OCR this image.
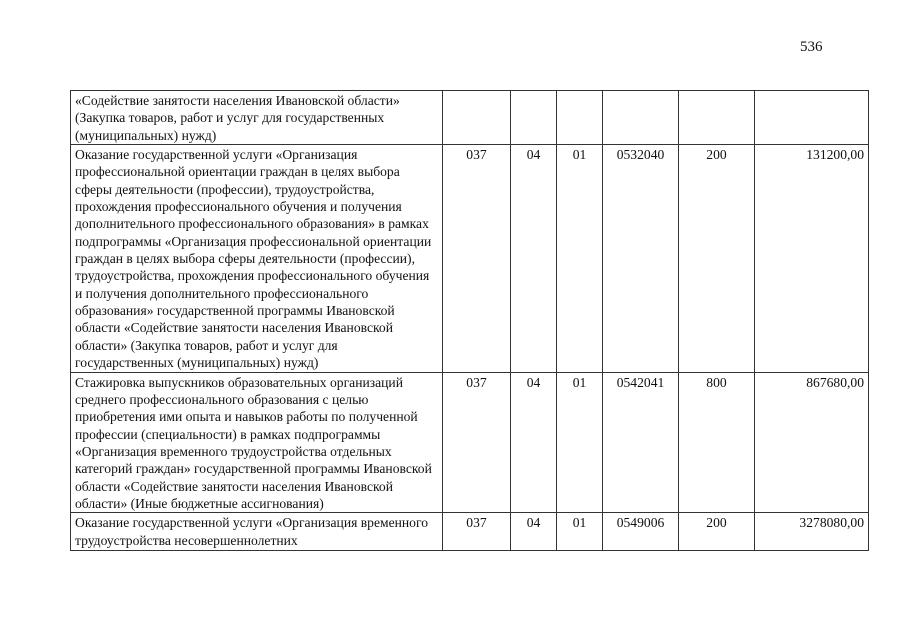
536
«Содействие занятости населения Ивановской области» (Закупка товаров, работ и услуг для государственных (муниципальных) нужд)						
Оказание государственной услуги «Организация профессиональной ориентации граждан в целях выбора сферы деятельности (профессии), трудоустройства, прохождения профессионального обучения и получения дополнительного профессионального образования» в рамках подпрограммы «Организация профессиональной ориентации граждан в целях выбора сферы деятельности (профессии), трудоустройства, прохождения профессионального обучения и получения дополнительного профессионального образования» государственной программы Ивановской области «Содействие занятости населения Ивановской области» (Закупка товаров, работ и услуг для государственных (муниципальных) нужд)	037	04	01	0532040	200	131200,00
Стажировка выпускников образовательных организаций среднего профессионального образования с целью приобретения ими опыта и навыков работы по полученной профессии (специальности) в рамках подпрограммы «Организация временного трудоустройства отдельных категорий граждан» государственной программы Ивановской области «Содействие занятости населения Ивановской области» (Иные бюджетные ассигнования)	037	04	01	0542041	800	867680,00
Оказание государственной услуги «Организация временного трудоустройства несовершеннолетних	037	04	01	0549006	200	3278080,00
